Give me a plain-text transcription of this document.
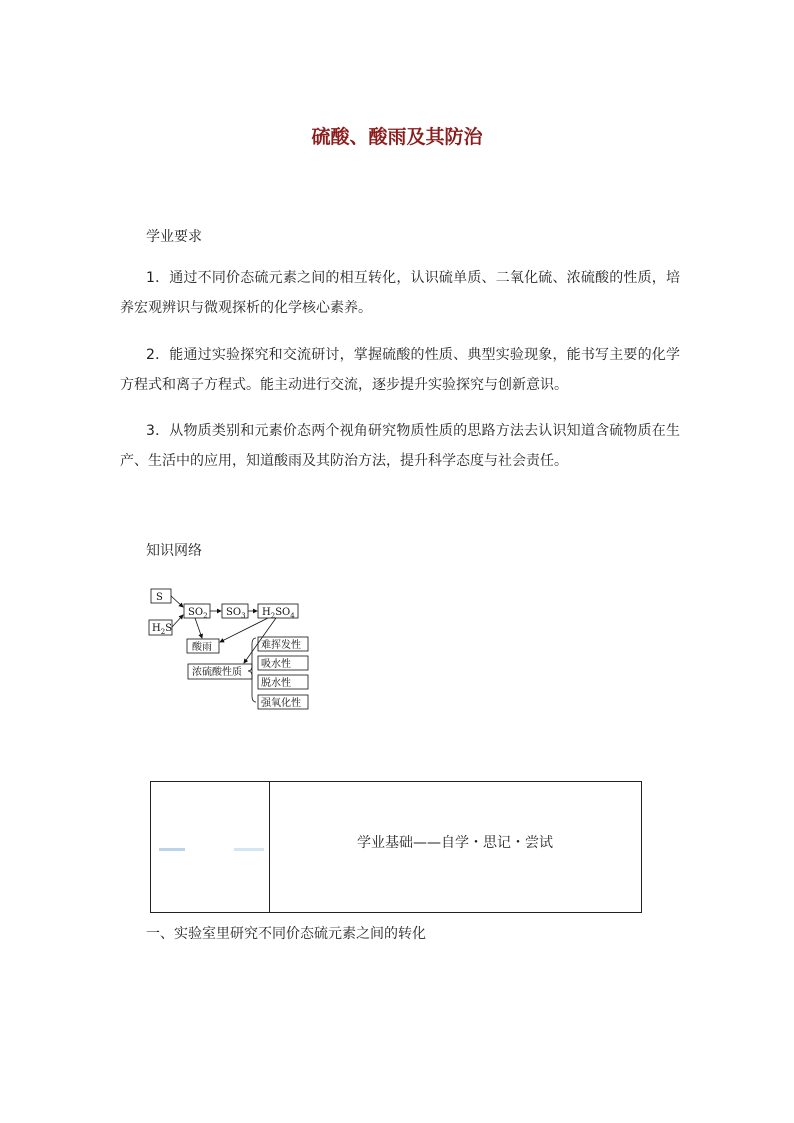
硫酸、酸雨及其防治
学业要求
1．通过不同价态硫元素之间的相互转化，认识硫单质、二氧化硫、浓硫酸的性质，培养宏观辨识与微观探析的化学核心素养。
2．能通过实验探究和交流研讨，掌握硫酸的性质、典型实验现象，能书写主要的化学方程式和离子方程式。能主动进行交流，逐步提升实验探究与创新意识。
3．从物质类别和元素价态两个视角研究物质性质的思路方法去认识知道含硫物质在生产、生活中的应用，知道酸雨及其防治方法，提升科学态度与社会责任。
知识网络
S
$H_2S$
$SO_2$ $SO_3$ $H_2SO_4$
酸雨
浓硫酸性质
难挥发性
吸水性
脱水性
强氧化性
学业基础——自学・思记・尝试
一、实验室里研究不同价态硫元素之间的转化
